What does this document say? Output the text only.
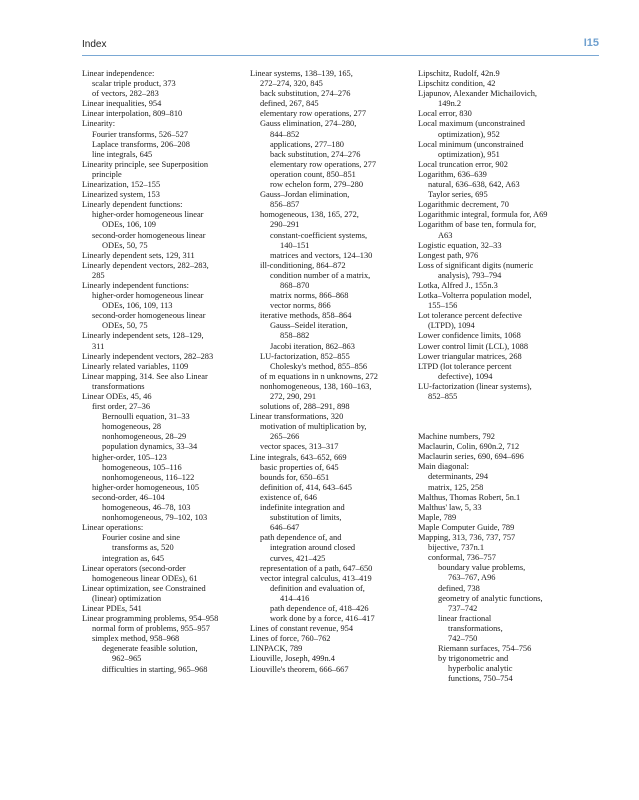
Index	I15
Linear independence:
scalar triple product, 373
of vectors, 282–283
Linear inequalities, 954
Linear interpolation, 809–810
Linearity:
Fourier transforms, 526–527
Laplace transforms, 206–208
line integrals, 645
Linearity principle, see Superposition
principle
Linearization, 152–155
Linearized system, 153
Linearly dependent functions:
higher-order homogeneous linear
ODEs, 106, 109
second-order homogeneous linear
ODEs, 50, 75
Linearly dependent sets, 129, 311
Linearly dependent vectors, 282–283,
285
Linearly independent functions:
higher-order homogeneous linear
ODEs, 106, 109, 113
second-order homogeneous linear
ODEs, 50, 75
Linearly independent sets, 128–129,
311
Linearly independent vectors, 282–283
Linearly related variables, 1109
Linear mapping, 314. See also Linear
transformations
Linear ODEs, 45, 46
first order, 27–36
Bernoulli equation, 31–33
homogeneous, 28
nonhomogeneous, 28–29
population dynamics, 33–34
higher-order, 105–123
homogeneous, 105–116
nonhomogeneous, 116–122
higher-order homogeneous, 105
second-order, 46–104
homogeneous, 46–78, 103
nonhomogeneous, 79–102, 103
Linear operations:
Fourier cosine and sine
transforms as, 520
integration as, 645
Linear operators (second-order
homogeneous linear ODEs), 61
Linear optimization, see Constrained
(linear) optimization
Linear PDEs, 541
Linear programming problems, 954–958
normal form of problems, 955–957
simplex method, 958–968
degenerate feasible solution,
962–965
difficulties in starting, 965–968
Linear systems, 138–139, 165,
272–274, 320, 845
back substitution, 274–276
defined, 267, 845
elementary row operations, 277
Gauss elimination, 274–280,
844–852
applications, 277–180
back substitution, 274–276
elementary row operations, 277
operation count, 850–851
row echelon form, 279–280
Gauss–Jordan elimination,
856–857
homogeneous, 138, 165, 272,
290–291
constant-coefficient systems,
140–151
matrices and vectors, 124–130
ill-conditioning, 864–872
condition number of a matrix,
868–870
matrix norms, 866–868
vector norms, 866
iterative methods, 858–864
Gauss–Seidel iteration,
858–882
Jacobi iteration, 862–863
LU-factorization, 852–855
Cholesky's method, 855–856
of m equations in n unknowns, 272
nonhomogeneous, 138, 160–163,
272, 290, 291
solutions of, 288–291, 898
Linear transformations, 320
motivation of multiplication by,
265–266
vector spaces, 313–317
Line integrals, 643–652, 669
basic properties of, 645
bounds for, 650–651
definition of, 414, 643–645
existence of, 646
indefinite integration and
substitution of limits,
646–647
path dependence of, and
integration around closed
curves, 421–425
representation of a path, 647–650
vector integral calculus, 413–419
definition and evaluation of,
414–416
path dependence of, 418–426
work done by a force, 416–417
Lines of constant revenue, 954
Lines of force, 760–762
LINPACK, 789
Liouville, Joseph, 499n.4
Liouville's theorem, 666–667
Lipschitz, Rudolf, 42n.9
Lipschitz condition, 42
Ljapunov, Alexander Michailovich,
149n.2
Local error, 830
Local maximum (unconstrained
optimization), 952
Local minimum (unconstrained
optimization), 951
Local truncation error, 902
Logarithm, 636–639
natural, 636–638, 642, A63
Taylor series, 695
Logarithmic decrement, 70
Logarithmic integral, formula for, A69
Logarithm of base ten, formula for,
A63
Logistic equation, 32–33
Longest path, 976
Loss of significant digits (numeric
analysis), 793–794
Lotka, Alfred J., 155n.3
Lotka–Volterra population model,
155–156
Lot tolerance percent defective
(LTPD), 1094
Lower confidence limits, 1068
Lower control limit (LCL), 1088
Lower triangular matrices, 268
LTPD (lot tolerance percent
defective), 1094
LU-factorization (linear systems),
852–855
Machine numbers, 792
Maclaurin, Colin, 690n.2, 712
Maclaurin series, 690, 694–696
Main diagonal:
determinants, 294
matrix, 125, 258
Malthus, Thomas Robert, 5n.1
Malthus' law, 5, 33
Maple, 789
Maple Computer Guide, 789
Mapping, 313, 736, 737, 757
bijective, 737n.1
conformal, 736–757
boundary value problems,
763–767, A96
defined, 738
geometry of analytic functions,
737–742
linear fractional
transformations,
742–750
Riemann surfaces, 754–756
by trigonometric and
hyperbolic analytic
functions, 750–754
